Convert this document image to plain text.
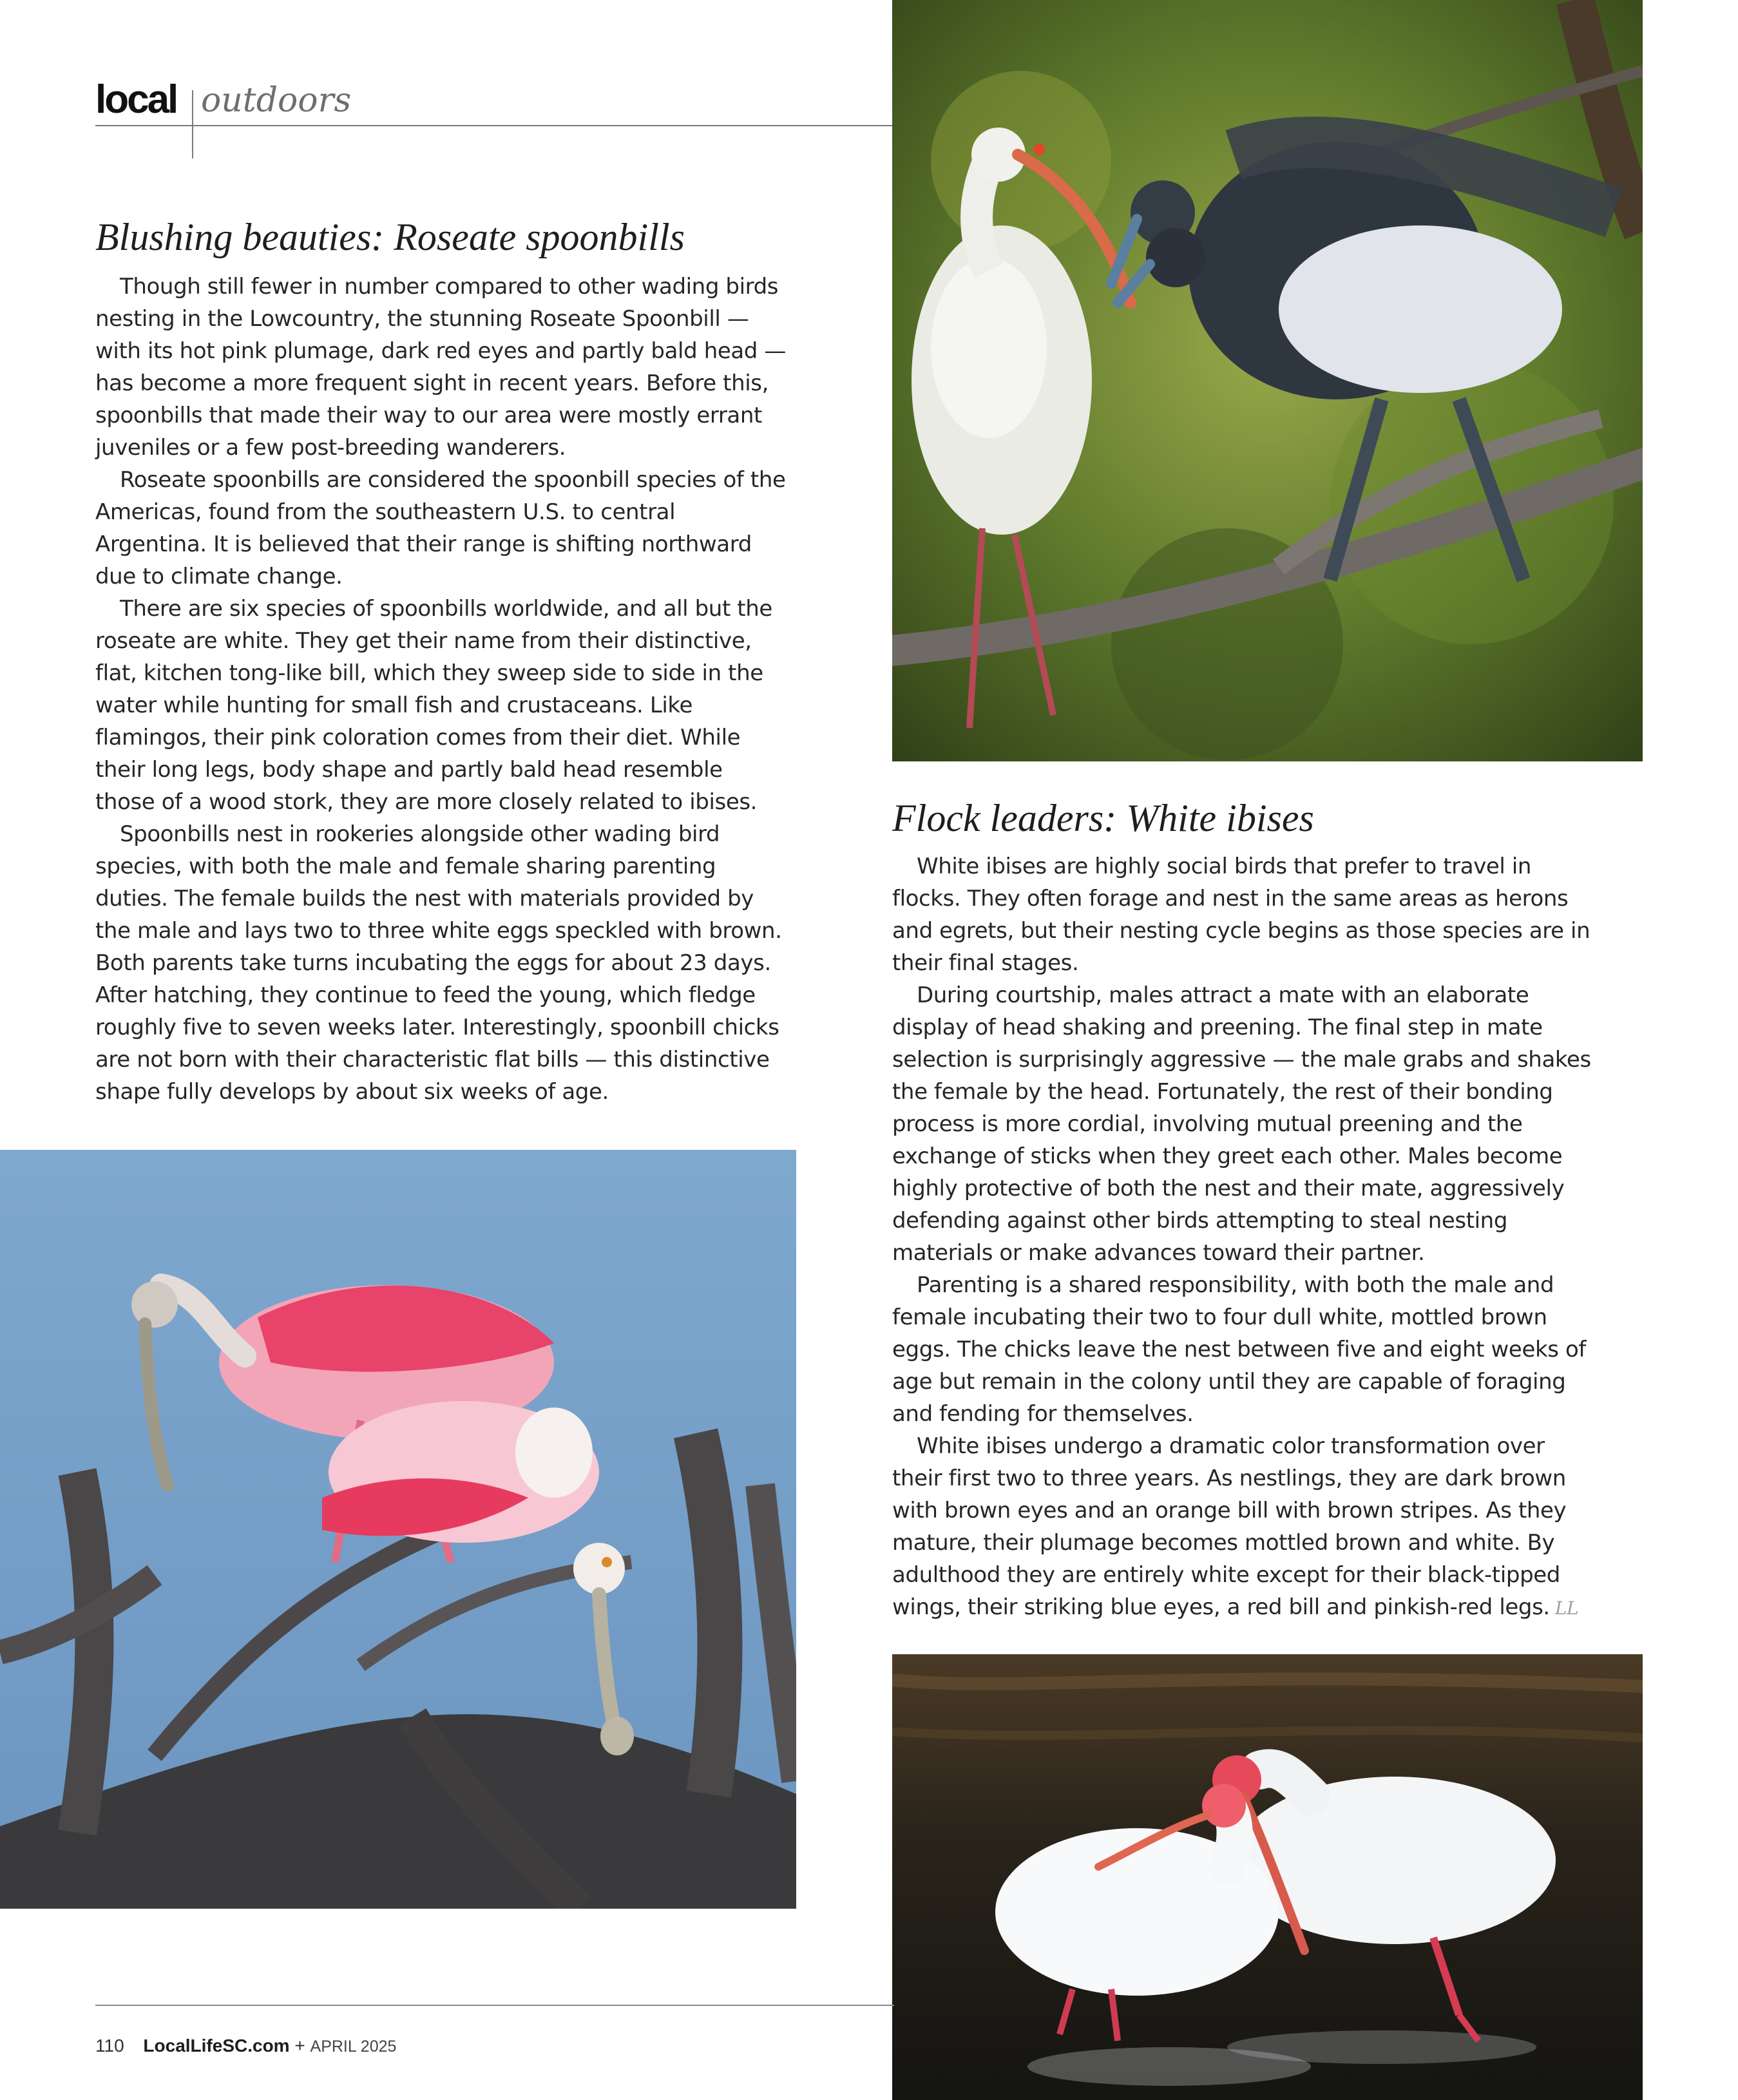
local outdoors
Blushing beauties: Roseate spoonbills

Though still fewer in number compared to other wading birds nesting in the Lowcountry, the stunning Roseate Spoonbill — with its hot pink plumage, dark red eyes and partly bald head — has become a more frequent sight in recent years. Before this, spoonbills that made their way to our area were mostly errant juveniles or a few post-breeding wanderers.

Roseate spoonbills are considered the spoonbill species of the Americas, found from the southeastern U.S. to central Argentina. It is believed that their range is shifting northward due to climate change.

There are six species of spoonbills worldwide, and all but the roseate are white. They get their name from their distinctive, flat, kitchen tong-like bill, which they sweep side to side in the water while hunting for small fish and crustaceans. Like flamingos, their pink coloration comes from their diet. While their long legs, body shape and partly bald head resemble those of a wood stork, they are more closely related to ibises.

Spoonbills nest in rookeries alongside other wading bird species, with both the male and female sharing parenting duties. The female builds the nest with materials provided by the male and lays two to three white eggs speckled with brown. Both parents take turns incubating the eggs for about 23 days. After hatching, they continue to feed the young, which fledge roughly five to seven weeks later. Interestingly, spoonbill chicks are not born with their characteristic flat bills — this distinctive shape fully develops by about six weeks of age.

Flock leaders: White ibises

White ibises are highly social birds that prefer to travel in flocks. They often forage and nest in the same areas as herons and egrets, but their nesting cycle begins as those species are in their final stages.

During courtship, males attract a mate with an elaborate display of head shaking and preening. The final step in mate selection is surprisingly aggressive — the male grabs and shakes the female by the head. Fortunately, the rest of their bonding process is more cordial, involving mutual preening and the exchange of sticks when they greet each other. Males become highly protective of both the nest and their mate, aggressively defending against other birds attempting to steal nesting materials or make advances toward their partner.

Parenting is a shared responsibility, with both the male and female incubating their two to four dull white, mottled brown eggs. The chicks leave the nest between five and eight weeks of age but remain in the colony until they are capable of foraging and fending for themselves.

White ibises undergo a dramatic color transformation over their first two to three years. As nestlings, they are dark brown with brown eyes and an orange bill with brown stripes. As they mature, their plumage becomes mottled brown and white. By adulthood they are entirely white except for their black-tipped wings, their striking blue eyes, a red bill and pinkish-red legs. LL

110 LocalLifeSC.com + APRIL 2025
